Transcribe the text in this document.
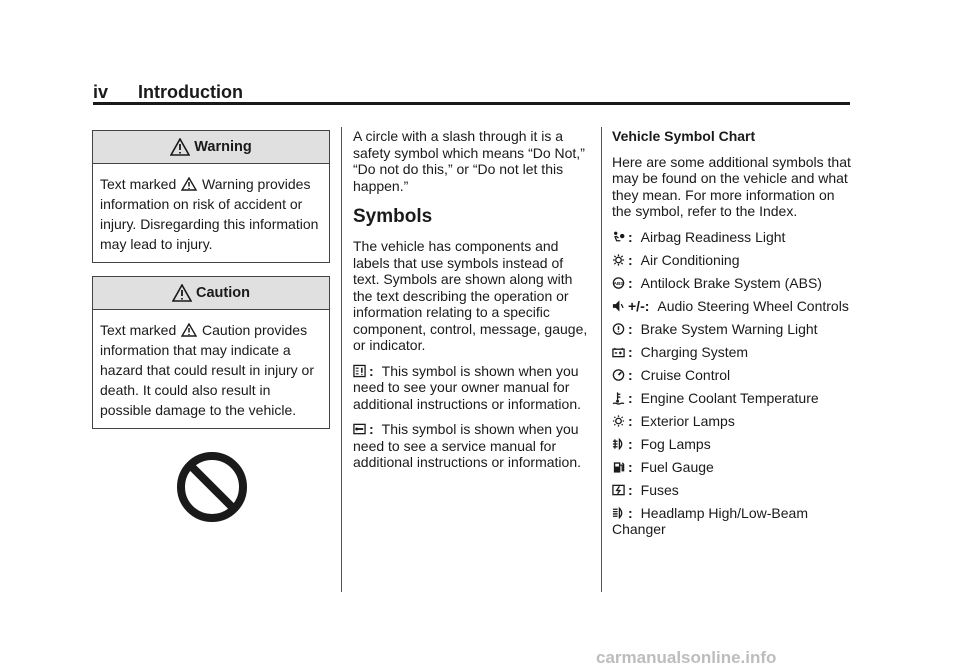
iv Introduction
Warning
Text marked Warning provides information on risk of accident or injury. Disregarding this information may lead to injury.
Caution
Text marked Caution provides information that may indicate a hazard that could result in injury or death. It could also result in possible damage to the vehicle.

A circle with a slash through it is a safety symbol which means “Do Not,” “Do not do this,” or “Do not let this happen.”

Symbols

The vehicle has components and labels that use symbols instead of text. Symbols are shown along with the text describing the operation or information relating to a specific component, control, message, gauge, or indicator.

: This symbol is shown when you need to see your owner manual for additional instructions or information.

: This symbol is shown when you need to see a service manual for additional instructions or information.

Vehicle Symbol Chart

Here are some additional symbols that may be found on the vehicle and what they mean. For more information on the symbol, refer to the Index.

: Airbag Readiness Light

: Air Conditioning

ABS : Antilock Brake System (ABS)

+/-: Audio Steering Wheel Controls

: Brake System Warning Light

: Charging System

: Cruise Control

: Engine Coolant Temperature

: Exterior Lamps

: Fog Lamps

: Fuel Gauge

: Fuses

: Headlamp High/Low-Beam Changer

carmanualsonline.info
